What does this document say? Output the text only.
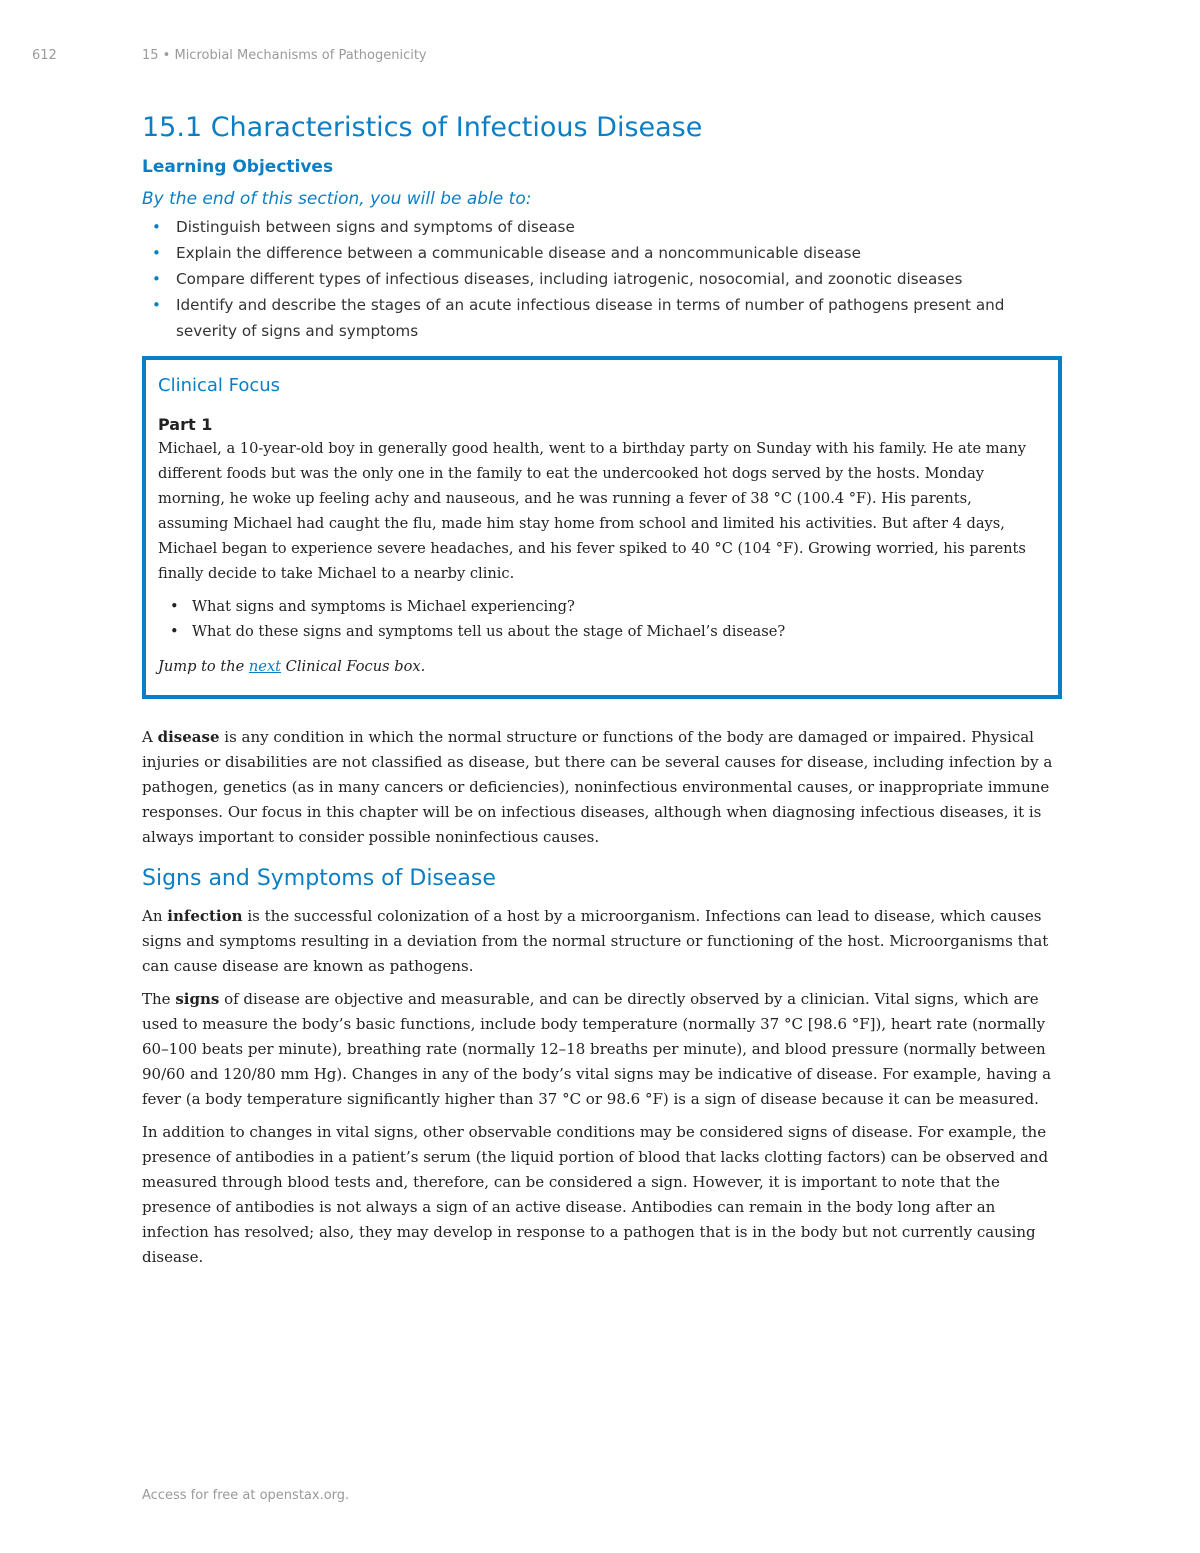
612	15 • Microbial Mechanisms of Pathogenicity
15.1 Characteristics of Infectious Disease
Learning Objectives
By the end of this section, you will be able to:
• Distinguish between signs and symptoms of disease
• Explain the difference between a communicable disease and a noncommunicable disease
• Compare different types of infectious diseases, including iatrogenic, nosocomial, and zoonotic diseases
• Identify and describe the stages of an acute infectious disease in terms of number of pathogens present and severity of signs and symptoms
Clinical Focus
Part 1
Michael, a 10-year-old boy in generally good health, went to a birthday party on Sunday with his family. He ate many different foods but was the only one in the family to eat the undercooked hot dogs served by the hosts. Monday morning, he woke up feeling achy and nauseous, and he was running a fever of 38 °C (100.4 °F). His parents, assuming Michael had caught the flu, made him stay home from school and limited his activities. But after 4 days, Michael began to experience severe headaches, and his fever spiked to 40 °C (104 °F). Growing worried, his parents finally decide to take Michael to a nearby clinic.
• What signs and symptoms is Michael experiencing?
• What do these signs and symptoms tell us about the stage of Michael’s disease?
Jump to the next Clinical Focus box.

A disease is any condition in which the normal structure or functions of the body are damaged or impaired. Physical injuries or disabilities are not classified as disease, but there can be several causes for disease, including infection by a pathogen, genetics (as in many cancers or deficiencies), noninfectious environmental causes, or inappropriate immune responses. Our focus in this chapter will be on infectious diseases, although when diagnosing infectious diseases, it is always important to consider possible noninfectious causes.

Signs and Symptoms of Disease

An infection is the successful colonization of a host by a microorganism. Infections can lead to disease, which causes signs and symptoms resulting in a deviation from the normal structure or functioning of the host. Microorganisms that can cause disease are known as pathogens.

The signs of disease are objective and measurable, and can be directly observed by a clinician. Vital signs, which are used to measure the body’s basic functions, include body temperature (normally 37 °C [98.6 °F]), heart rate (normally 60–100 beats per minute), breathing rate (normally 12–18 breaths per minute), and blood pressure (normally between 90/60 and 120/80 mm Hg). Changes in any of the body’s vital signs may be indicative of disease. For example, having a fever (a body temperature significantly higher than 37 °C or 98.6 °F) is a sign of disease because it can be measured.

In addition to changes in vital signs, other observable conditions may be considered signs of disease. For example, the presence of antibodies in a patient’s serum (the liquid portion of blood that lacks clotting factors) can be observed and measured through blood tests and, therefore, can be considered a sign. However, it is important to note that the presence of antibodies is not always a sign of an active disease. Antibodies can remain in the body long after an infection has resolved; also, they may develop in response to a pathogen that is in the body but not currently causing disease.

Access for free at openstax.org.
